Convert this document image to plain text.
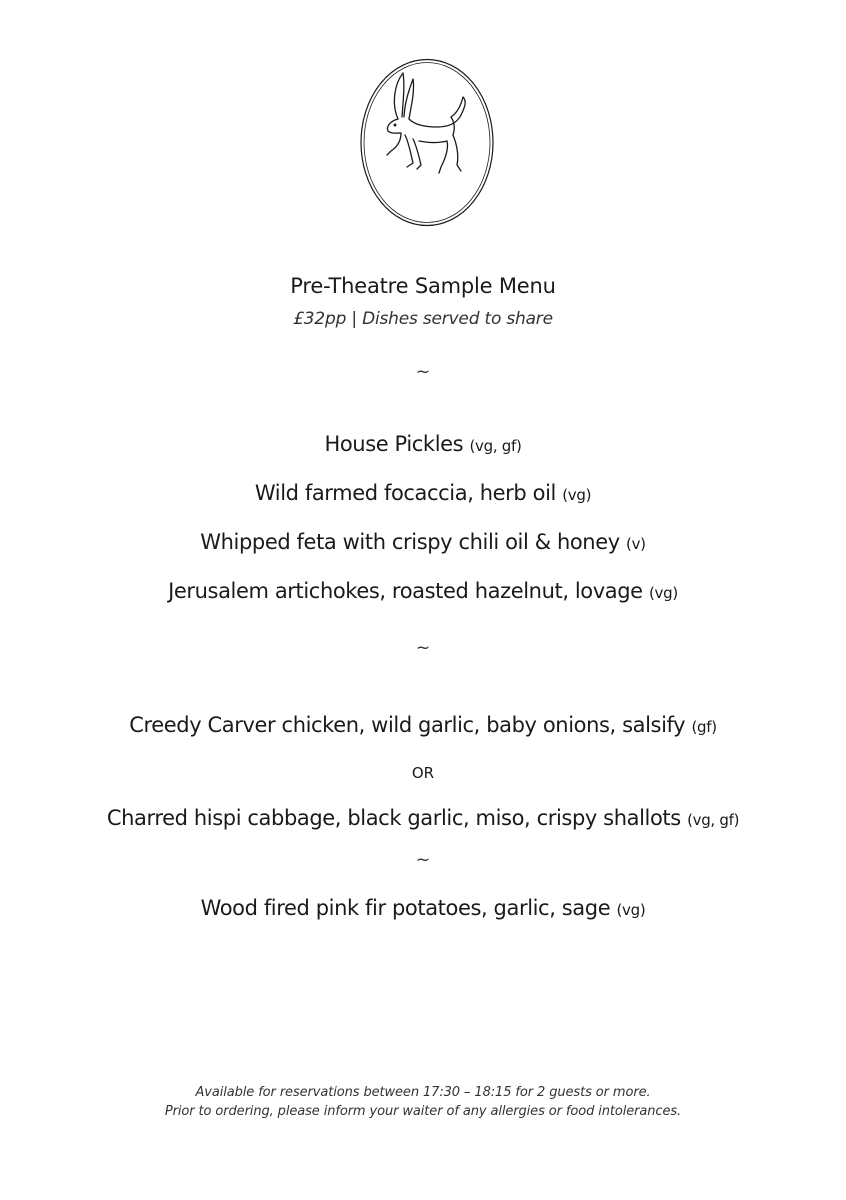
Pre-Theatre Sample Menu
£32pp | Dishes served to share
~
House Pickles (vg, gf)
Wild farmed focaccia, herb oil (vg)
Whipped feta with crispy chili oil & honey (v)
Jerusalem artichokes, roasted hazelnut, lovage (vg)
~
Creedy Carver chicken, wild garlic, baby onions, salsify (gf)
OR
Charred hispi cabbage, black garlic, miso, crispy shallots (vg, gf)
~
Wood fired pink fir potatoes, garlic, sage (vg)
Available for reservations between 17:30 – 18:15 for 2 guests or more.
Prior to ordering, please inform your waiter of any allergies or food intolerances.
